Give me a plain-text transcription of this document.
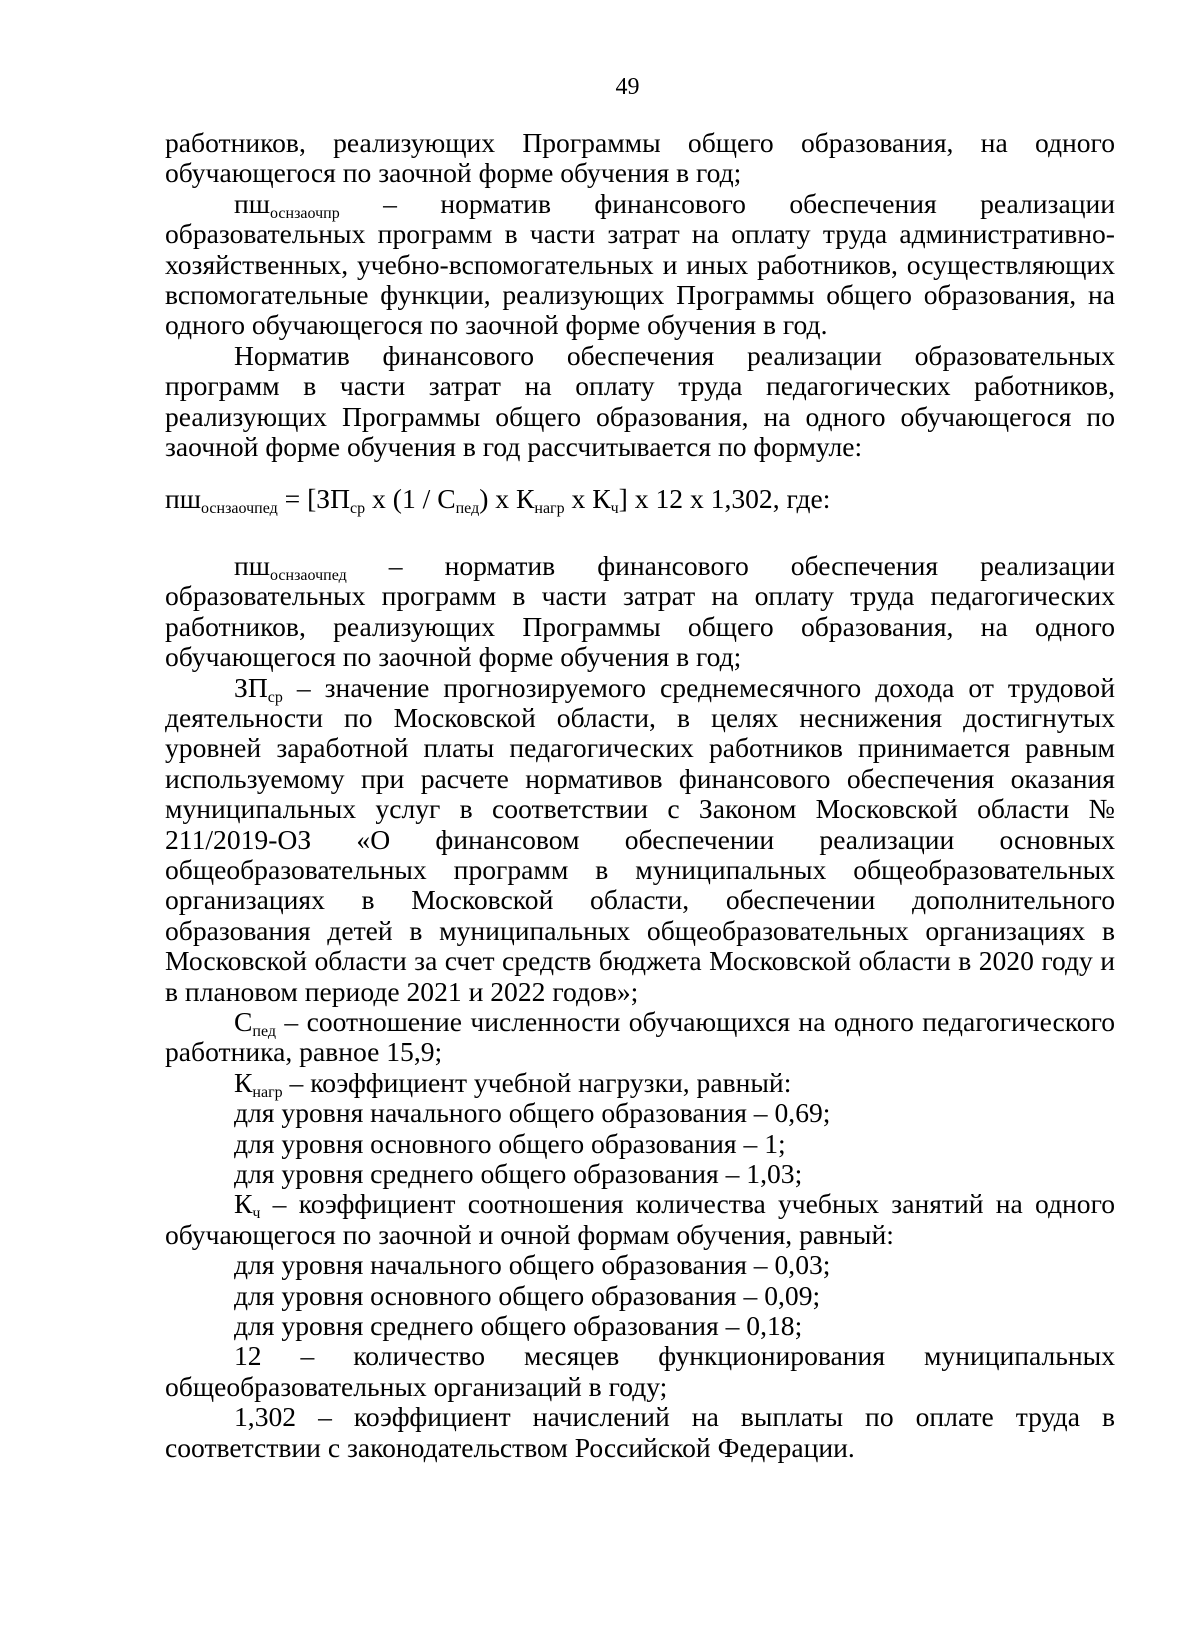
49

работников, реализующих Программы общего образования, на одного обучающегося по заочной форме обучения в год;

$пш_{оснзаочпр}$ – норматив финансового обеспечения реализации образовательных программ в части затрат на оплату труда административно-хозяйственных, учебно-вспомогательных и иных работников, осуществляющих вспомогательные функции, реализующих Программы общего образования, на одного обучающегося по заочной форме обучения в год.

Норматив финансового обеспечения реализации образовательных программ в части затрат на оплату труда педагогических работников, реализующих Программы общего образования, на одного обучающегося по заочной форме обучения в год рассчитывается по формуле:

$пш_{оснзаочпед} = [ЗП_{ср}$ х $(1 / С_{пед})$ х $К_{нагр}$ х $К_ч$] х 12 х 1,302, где:

$пш_{оснзаочпед}$ – норматив финансового обеспечения реализации образовательных программ в части затрат на оплату труда педагогических работников, реализующих Программы общего образования, на одного обучающегося по заочной форме обучения в год;

$ЗП_{ср}$ – значение прогнозируемого среднемесячного дохода от трудовой деятельности по Московской области, в целях неснижения достигнутых уровней заработной платы педагогических работников принимается равным используемому при расчете нормативов финансового обеспечения оказания муниципальных услуг в соответствии с Законом Московской области № 211/2019-ОЗ «О финансовом обеспечении реализации основных общеобразовательных программ в муниципальных общеобразовательных организациях в Московской области, обеспечении дополнительного образования детей в муниципальных общеобразовательных организациях в Московской области за счет средств бюджета Московской области в 2020 году и в плановом периоде 2021 и 2022 годов»;

$С_{пед}$ – соотношение численности обучающихся на одного педагогического работника, равное 15,9;

$К_{нагр}$ – коэффициент учебной нагрузки, равный:

для уровня начального общего образования – 0,69;
для уровня основного общего образования – 1;
для уровня среднего общего образования – 1,03;

$К_ч$ – коэффициент соотношения количества учебных занятий на одного обучающегося по заочной и очной формам обучения, равный:

для уровня начального общего образования – 0,03;
для уровня основного общего образования – 0,09;
для уровня среднего общего образования – 0,18;

12 – количество месяцев функционирования муниципальных общеобразовательных организаций в году;

1,302 – коэффициент начислений на выплаты по оплате труда в соответствии с законодательством Российской Федерации.
